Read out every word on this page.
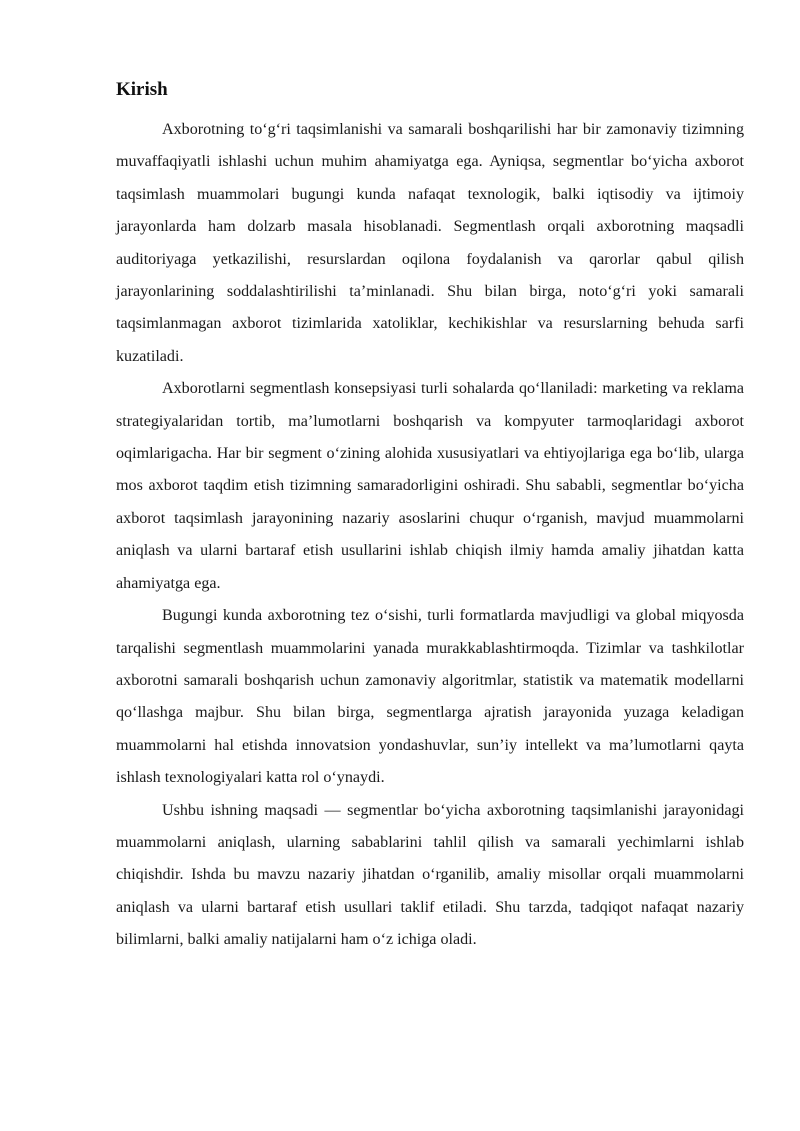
Kirish

Axborotning to‘g‘ri taqsimlanishi va samarali boshqarilishi har bir zamonaviy tizimning muvaffaqiyatli ishlashi uchun muhim ahamiyatga ega. Ayniqsa, segmentlar bo‘yicha axborot taqsimlash muammolari bugungi kunda nafaqat texnologik, balki iqtisodiy va ijtimoiy jarayonlarda ham dolzarb masala hisoblanadi. Segmentlash orqali axborotning maqsadli auditoriyaga yetkazilishi, resurslardan oqilona foydalanish va qarorlar qabul qilish jarayonlarining soddalashtirilishi ta’minlanadi. Shu bilan birga, noto‘g‘ri yoki samarali taqsimlanmagan axborot tizimlarida xatoliklar, kechikishlar va resurslarning behuda sarfi kuzatiladi.

Axborotlarni segmentlash konsepsiyasi turli sohalarda qo‘llaniladi: marketing va reklama strategiyalaridan tortib, ma’lumotlarni boshqarish va kompyuter tarmoqlaridagi axborot oqimlarigacha. Har bir segment o‘zining alohida xususiyatlari va ehtiyojlariga ega bo‘lib, ularga mos axborot taqdim etish tizimning samaradorligini oshiradi. Shu sababli, segmentlar bo‘yicha axborot taqsimlash jarayonining nazariy asoslarini chuqur o‘rganish, mavjud muammolarni aniqlash va ularni bartaraf etish usullarini ishlab chiqish ilmiy hamda amaliy jihatdan katta ahamiyatga ega.

Bugungi kunda axborotning tez o‘sishi, turli formatlarda mavjudligi va global miqyosda tarqalishi segmentlash muammolarini yanada murakkablashtirmoqda. Tizimlar va tashkilotlar axborotni samarali boshqarish uchun zamonaviy algoritmlar, statistik va matematik modellarni qo‘llashga majbur. Shu bilan birga, segmentlarga ajratish jarayonida yuzaga keladigan muammolarni hal etishda innovatsion yondashuvlar, sun’iy intellekt va ma’lumotlarni qayta ishlash texnologiyalari katta rol o‘ynaydi.

Ushbu ishning maqsadi — segmentlar bo‘yicha axborotning taqsimlanishi jarayonidagi muammolarni aniqlash, ularning sabablarini tahlil qilish va samarali yechimlarni ishlab chiqishdir. Ishda bu mavzu nazariy jihatdan o‘rganilib, amaliy misollar orqali muammolarni aniqlash va ularni bartaraf etish usullari taklif etiladi. Shu tarzda, tadqiqot nafaqat nazariy bilimlarni, balki amaliy natijalarni ham o‘z ichiga oladi.
